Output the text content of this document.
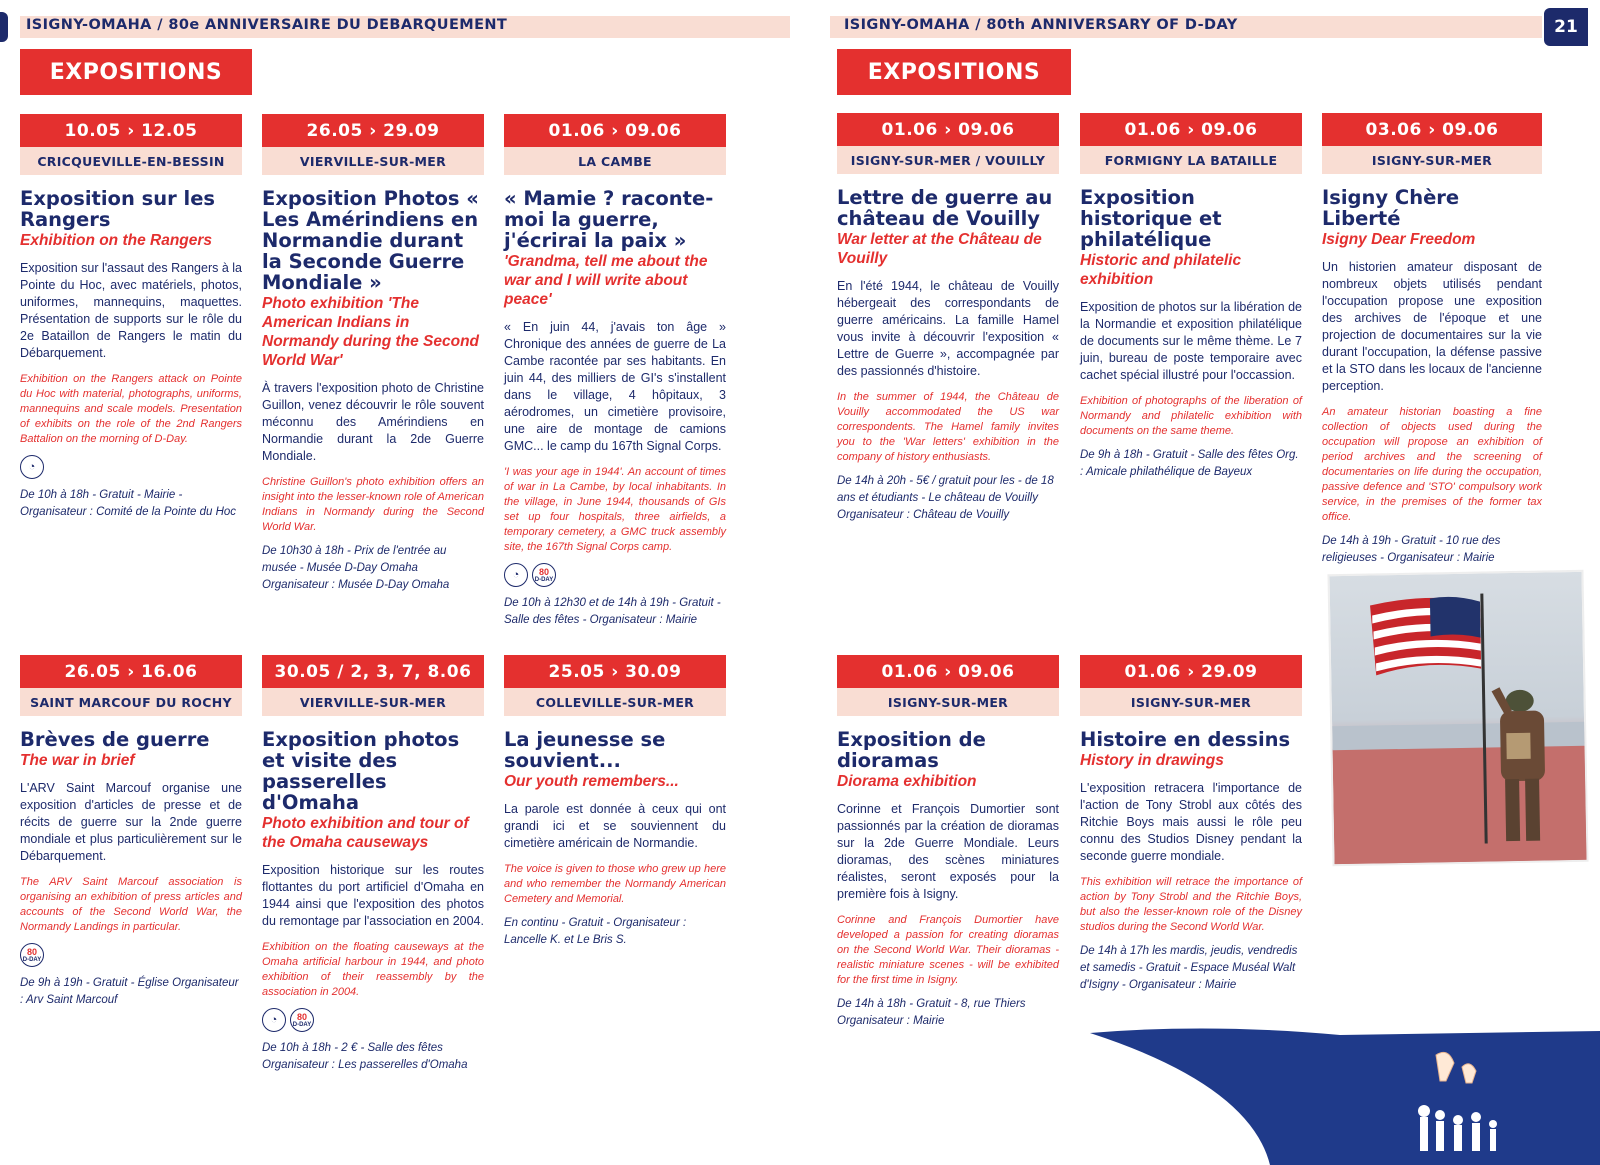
ISIGNY-OMAHA / 80e ANNIVERSAIRE DU DEBARQUEMENT	ISIGNY-OMAHA / 80th ANNIVERSARY OF D-DAY	21
EXPOSITIONS	EXPOSITIONS
10.05 › 12.05
CRICQUEVILLE-EN-BESSIN
Exposition sur les Rangers
Exhibition on the Rangers
Exposition sur l'assaut des Rangers à la Pointe du Hoc, avec matériels, photos, uniformes, mannequins, maquettes. Présentation de supports sur le rôle du 2e Bataillon de Rangers le matin du Débarquement.
Exhibition on the Rangers attack on Pointe du Hoc with material, photographs, uniforms, mannequins and scale models. Presentation of exhibits on the role of the 2nd Rangers Battalion on the morning of D-Day.
◔
De 10h à 18h - Gratuit - Mairie - Organisateur : Comité de la Pointe du Hoc
26.05 › 29.09
VIERVILLE-SUR-MER
Exposition Photos « Les Amérindiens en Normandie durant la Seconde Guerre Mondiale »
Photo exhibition 'The American Indians in Normandy during the Second World War'
À travers l'exposition photo de Christine Guillon, venez découvrir le rôle souvent méconnu des Amérindiens en Normandie durant la 2de Guerre Mondiale.
Christine Guillon's photo exhibition offers an insight into the lesser-known role of American Indians in Normandy during the Second World War.
De 10h30 à 18h - Prix de l'entrée au musée - Musée D-Day Omaha Organisateur : Musée D-Day Omaha
01.06 › 09.06
LA CAMBE
« Mamie ? raconte-moi la guerre, j'écrirai la paix »
'Grandma, tell me about the war and I will write about peace'
« En juin 44, j'avais ton âge » Chronique des années de guerre de La Cambe racontée par ses habitants. En juin 44, des milliers de GI's s'installent dans le village, 4 hôpitaux, 3 aérodromes, un cimetière provisoire, une aire de montage de camions GMC... le camp du 167th Signal Corps.
'I was your age in 1944'. An account of times of war in La Cambe, by local inhabitants. In the village, in June 1944, thousands of GIs set up four hospitals, three airfields, a temporary cemetery, a GMC truck assembly site, the 167th Signal Corps camp.
◔	80
D-DAY
De 10h à 12h30 et de 14h à 19h - Gratuit - Salle des fêtes - Organisateur : Mairie
01.06 › 09.06
ISIGNY-SUR-MER / VOUILLY
Lettre de guerre au château de Vouilly
War letter at the Château de Vouilly
En l'été 1944, le château de Vouilly hébergeait des correspondants de guerre américains. La famille Hamel vous invite à découvrir l'exposition « Lettre de Guerre », accompagnée par des passionnés d'histoire.
In the summer of 1944, the Château de Vouilly accommodated the US war correspondents. The Hamel family invites you to the 'War letters' exhibition in the company of history enthusiasts.
De 14h à 20h - 5€ / gratuit pour les - de 18 ans et étudiants - Le château de Vouilly Organisateur : Château de Vouilly
01.06 › 09.06
FORMIGNY LA BATAILLE
Exposition historique et philatélique
Historic and philatelic exhibition
Exposition de photos sur la libération de la Normandie et exposition philatélique de documents sur le même thème. Le 7 juin, bureau de poste temporaire avec cachet spécial illustré pour l'occassion.
Exhibition of photographs of the liberation of Normandy and philatelic exhibition with documents on the same theme.
De 9h à 18h - Gratuit - Salle des fêtes Org. : Amicale philathélique de Bayeux
03.06 › 09.06
ISIGNY-SUR-MER
Isigny Chère Liberté
Isigny Dear Freedom
Un historien amateur disposant de nombreux objets utilisés pendant l'occupation propose une exposition des archives de l'époque et une projection de documentaires sur la vie durant l'occupation, la défense passive et la STO dans les locaux de l'ancienne perception.
An amateur historian boasting a fine collection of objects used during the occupation will propose an exhibition of period archives and the screening of documentaries on life during the occupation, passive defence and 'STO' compulsory work service, in the premises of the former tax office.
De 14h à 19h - Gratuit - 10 rue des religieuses - Organisateur : Mairie
26.05 › 16.06
SAINT MARCOUF DU ROCHY
Brèves de guerre
The war in brief
L'ARV Saint Marcouf organise une exposition d'articles de presse et de récits de guerre sur la 2nde guerre mondiale et plus particulièrement sur le Débarquement.
The ARV Saint Marcouf association is organising an exhibition of press articles and accounts of the Second World War, the Normandy Landings in particular.
80
D-DAY
De 9h à 19h - Gratuit - Église Organisateur : Arv Saint Marcouf
30.05 / 2, 3, 7, 8.06
VIERVILLE-SUR-MER
Exposition photos et visite des passerelles d'Omaha
Photo exhibition and tour of the Omaha causeways
Exposition historique sur les routes flottantes du port artificiel d'Omaha en 1944 ainsi que l'exposition des photos du remontage par l'association en 2004.
Exhibition on the floating causeways at the Omaha artificial harbour in 1944, and photo exhibition of their reassembly by the association in 2004.
◔	80
D-DAY
De 10h à 18h - 2 € - Salle des fêtes Organisateur : Les passerelles d'Omaha
25.05 › 30.09
COLLEVILLE-SUR-MER
La jeunesse se souvient...
Our youth remembers...
La parole est donnée à ceux qui ont grandi ici et se souviennent du cimetière américain de Normandie.
The voice is given to those who grew up here and who remember the Normandy American Cemetery and Memorial.
En continu - Gratuit - Organisateur : Lancelle K. et Le Bris S.
01.06 › 09.06
ISIGNY-SUR-MER
Exposition de dioramas
Diorama exhibition
Corinne et François Dumortier sont passionnés par la création de dioramas sur la 2de Guerre Mondiale. Leurs dioramas, des scènes miniatures réalistes, seront exposés pour la première fois à Isigny.
Corinne and François Dumortier have developed a passion for creating dioramas on the Second World War. Their dioramas - realistic miniature scenes - will be exhibited for the first time in Isigny.
De 14h à 18h - Gratuit - 8, rue Thiers Organisateur : Mairie
01.06 › 29.09
ISIGNY-SUR-MER
Histoire en dessins
History in drawings
L'exposition retracera l'importance de l'action de Tony Strobl aux côtés des Ritchie Boys mais aussi le rôle peu connu des Studios Disney pendant la seconde guerre mondiale.
This exhibition will retrace the importance of action by Tony Strobl and the Ritchie Boys, but also the lesser-known role of the Disney studios during the Second World War.
De 14h à 17h les mardis, jeudis, vendredis et samedis - Gratuit - Espace Muséal Walt d'Isigny - Organisateur : Mairie
